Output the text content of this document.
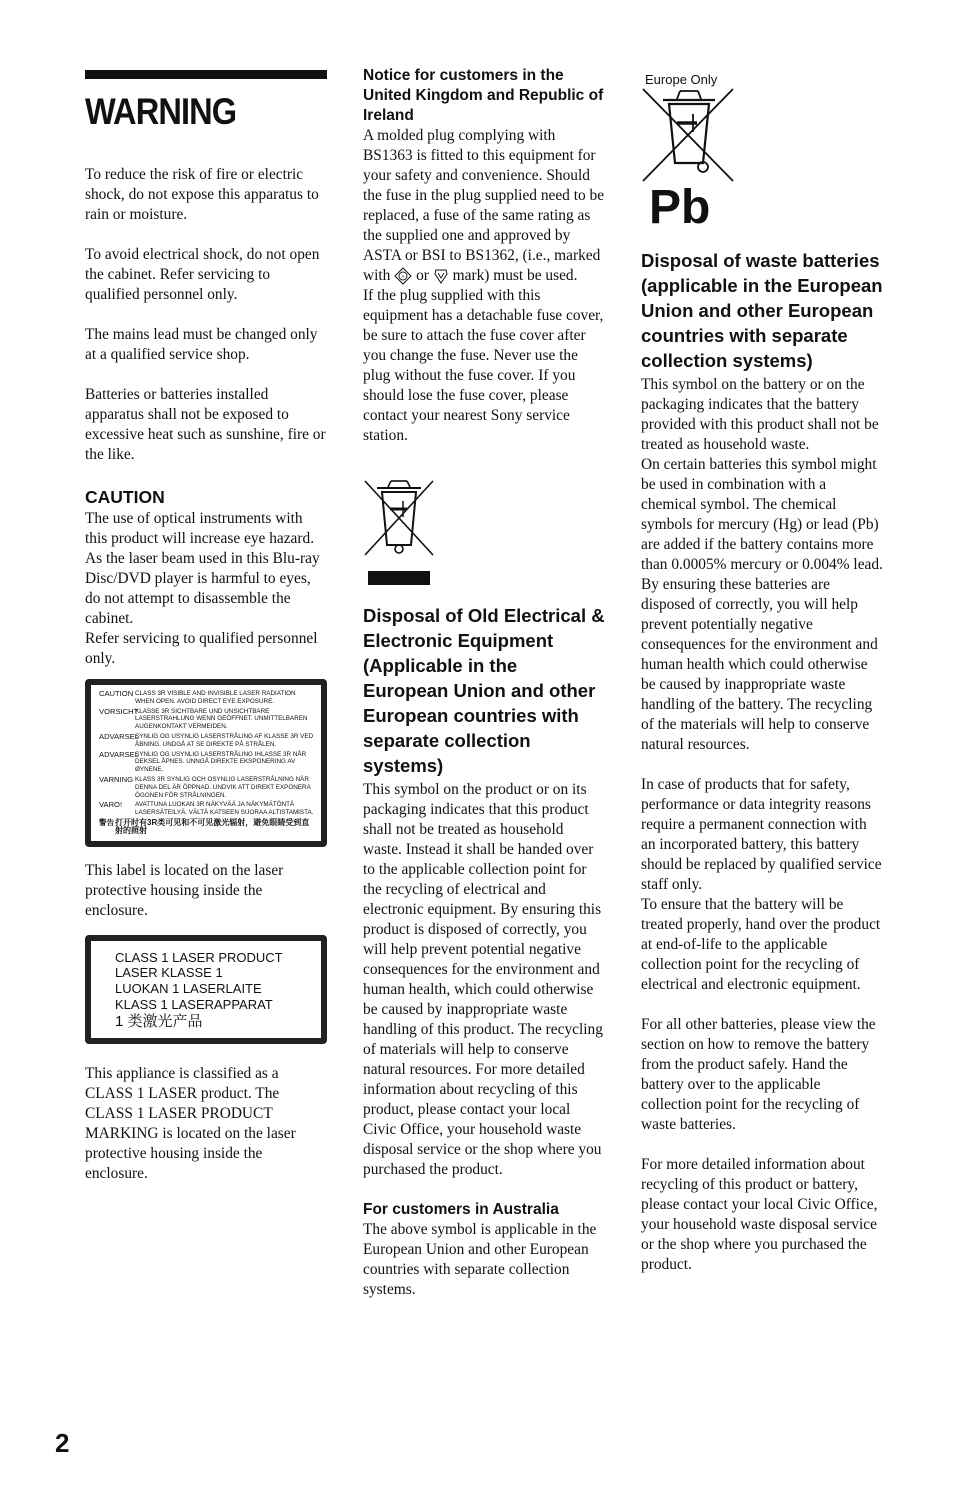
WARNING

To reduce the risk of fire or electric shock, do not expose this apparatus to rain or moisture.

To avoid electrical shock, do not open the cabinet. Refer servicing to qualified personnel only.

The mains lead must be changed only at a qualified service shop.

Batteries or batteries installed apparatus shall not be exposed to excessive heat such as sunshine, fire or the like.

CAUTION

The use of optical instruments with this product will increase eye hazard. As the laser beam used in this Blu-ray Disc/DVD player is harmful to eyes, do not attempt to disassemble the cabinet.

Refer servicing to qualified personnel only.

CAUTION CLASS 3R VISIBLE AND INVISIBLE LASER RADIATION WHEN OPEN. AVOID DIRECT EYE EXPOSURE.
VORSICHT
KLASSE 3R SICHTBARE UND UNSICHTBARE LASERSTRAHLUNG WENN GEÖFFNET. UNMITTELBAREN AUGENKONTAKT VERMEIDEN.
ADVARSEL
SYNLIG OG USYNLIG LASERSTRÅLING AF KLASSE 3R VED ÅBNING. UNDGÅ AT SE DIREKTE PÅ STRÅLEN.
ADVARSEL
SYNLIG OG USYNLIG LASERSTRÅLING IHLASSE 3R NÅR DEKSEL ÅPNES. UNNGÅ DIREKTE EKSPONERING AV ØYNENE.
VARNING KLASS 3R SYNLIG OCH OSYNLIG LASERSTRÅLNING NÄR DENNA DEL ÄR ÖPPNAD. UNDVIK ATT DIREKT EXPONERA ÖGONEN FÖR STRÅLNINGEN.
VARO!	AVATTUNA LUOKAN 3R NÄKYVÄÄ JA NÄKYMÄTÖNTÄ LASERSÄTEILYÄ. VÄLTÄ KATSEEN SUORAA ALTISTAMISTA.
警告 打开时有3R类可见和不可见激光辐射，避免眼睛受到直射的照射

This label is located on the laser protective housing inside the enclosure.

CLASS 1 LASER PRODUCT
LASER KLASSE 1
LUOKAN 1 LASERLAITE
KLASS 1 LASERAPPARAT
1 类激光产品

This appliance is classified as a CLASS 1 LASER product. The CLASS 1 LASER PRODUCT MARKING is located on the laser protective housing inside the enclosure.

Notice for customers in the United Kingdom and Republic of Ireland

A molded plug complying with BS1363 is fitted to this equipment for your safety and convenience. Should the fuse in the plug supplied need to be replaced, a fuse of the same rating as the supplied one and approved by ASTA or BSI to BS1362, (i.e., marked with	A or mark) must be used.

If the plug supplied with this equipment has a detachable fuse cover, be sure to attach the fuse cover after you change the fuse. Never use the plug without the fuse cover. If you should lose the fuse cover, please contact your nearest Sony service station.

Disposal of Old Electrical & Electronic Equipment (Applicable in the European Union and other European countries with separate collection systems)

This symbol on the product or on its packaging indicates that this product shall not be treated as household waste. Instead it shall be handed over to the applicable collection point for the recycling of electrical and electronic equipment. By ensuring this product is disposed of correctly, you will help prevent potential negative consequences for the environment and human health, which could otherwise be caused by inappropriate waste handling of this product. The recycling of materials will help to conserve natural resources. For more detailed information about recycling of this product, please contact your local Civic Office, your household waste disposal service or the shop where you purchased the product.

For customers in Australia

The above symbol is applicable in the European Union and other European countries with separate collection systems.

Europe Only
Pb
Disposal of waste batteries (applicable in the European Union and other European countries with separate collection systems)

This symbol on the battery or on the packaging indicates that the battery provided with this product shall not be treated as household waste.

On certain batteries this symbol might be used in combination with a chemical symbol. The chemical symbols for mercury (Hg) or lead (Pb) are added if the battery contains more than 0.0005% mercury or 0.004% lead.

By ensuring these batteries are disposed of correctly, you will help prevent potentially negative consequences for the environment and human health which could otherwise be caused by inappropriate waste handling of the battery. The recycling of the materials will help to conserve natural resources.

In case of products that for safety, performance or data integrity reasons require a permanent connection with an incorporated battery, this battery should be replaced by qualified service staff only.

To ensure that the battery will be treated properly, hand over the product at end-of-life to the applicable collection point for the recycling of electrical and electronic equipment.

For all other batteries, please view the section on how to remove the battery from the product safely. Hand the battery over to the applicable collection point for the recycling of waste batteries.

For more detailed information about recycling of this product or battery, please contact your local Civic Office, your household waste disposal service or the shop where you purchased the product.

2
